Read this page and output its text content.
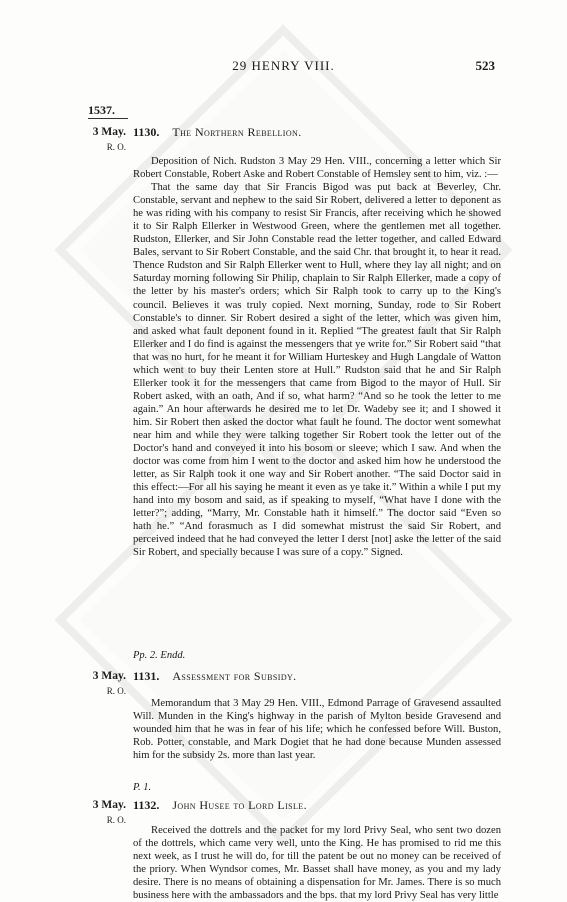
29 HENRY VIII.	523
1537.
3 May.
R. O.
1130. The Northern Rebellion.

Deposition of Nich. Rudston 3 May 29 Hen. VIII., concerning a letter which Sir Robert Constable, Robert Aske and Robert Constable of Hemsley sent to him, viz. :—

That the same day that Sir Francis Bigod was put back at Beverley, Chr. Constable, servant and nephew to the said Sir Robert, delivered a letter to deponent as he was riding with his company to resist Sir Francis, after receiving which he showed it to Sir Ralph Ellerker in Westwood Green, where the gentlemen met all together. Rudston, Ellerker, and Sir John Constable read the letter together, and called Edward Bales, servant to Sir Robert Constable, and the said Chr. that brought it, to hear it read. Thence Rudston and Sir Ralph Ellerker went to Hull, where they lay all night; and on Saturday morning following Sir Philip, chaplain to Sir Ralph Ellerker, made a copy of the letter by his master's orders; which Sir Ralph took to carry up to the King's council. Believes it was truly copied. Next morning, Sunday, rode to Sir Robert Constable's to dinner. Sir Robert desired a sight of the letter, which was given him, and asked what fault deponent found in it. Replied “The greatest fault that Sir Ralph Ellerker and I do find is against the messengers that ye write for.” Sir Robert said “that that was no hurt, for he meant it for William Hurteskey and Hugh Langdale of Watton which went to buy their Lenten store at Hull.” Rudston said that he and Sir Ralph Ellerker took it for the messengers that came from Bigod to the mayor of Hull. Sir Robert asked, with an oath, And if so, what harm? “And so he took the letter to me again.” An hour afterwards he desired me to let Dr. Wadeby see it; and I showed it him. Sir Robert then asked the doctor what fault he found. The doctor went somewhat near him and while they were talking together Sir Robert took the letter out of the Doctor's hand and conveyed it into his bosom or sleeve; which I saw. And when the doctor was come from him I went to the doctor and asked him how he understood the letter, as Sir Ralph took it one way and Sir Robert another. “The said Doctor said in this effect:—For all his saying he meant it even as ye take it.” Within a while I put my hand into my bosom and said, as if speaking to myself, “What have I done with the letter?”; adding, “Marry, Mr. Constable hath it himself.” The doctor said “Even so hath he.” “And forasmuch as I did somewhat mistrust the said Sir Robert, and perceived indeed that he had conveyed the letter I derst [not] aske the letter of the said Sir Robert, and specially because I was sure of a copy.” Signed.

Pp. 2. Endd.
3 May.
R. O.
1131. Assessment for Subsidy.

Memorandum that 3 May 29 Hen. VIII., Edmond Parrage of Gravesend assaulted Will. Munden in the King's highway in the parish of Mylton beside Gravesend and wounded him that he was in fear of his life; which he confessed before Will. Buston, Rob. Potter, constable, and Mark Dogiet that he had done because Munden assessed him for the subsidy 2s. more than last year.

P. 1.
3 May.
R. O.
1132. John Husee to Lord Lisle.

Received the dottrels and the packet for my lord Privy Seal, who sent two dozen of the dottrels, which came very well, unto the King. He has promised to rid me this next week, as I trust he will do, for till the patent be out no money can be received of the priory. When Wyndsor comes, Mr. Basset shall have money, as you and my lady desire. There is no means of obtaining a dispensation for Mr. James. There is so much business here with the ambassadors and the bps. that my lord Privy Seal has very little
